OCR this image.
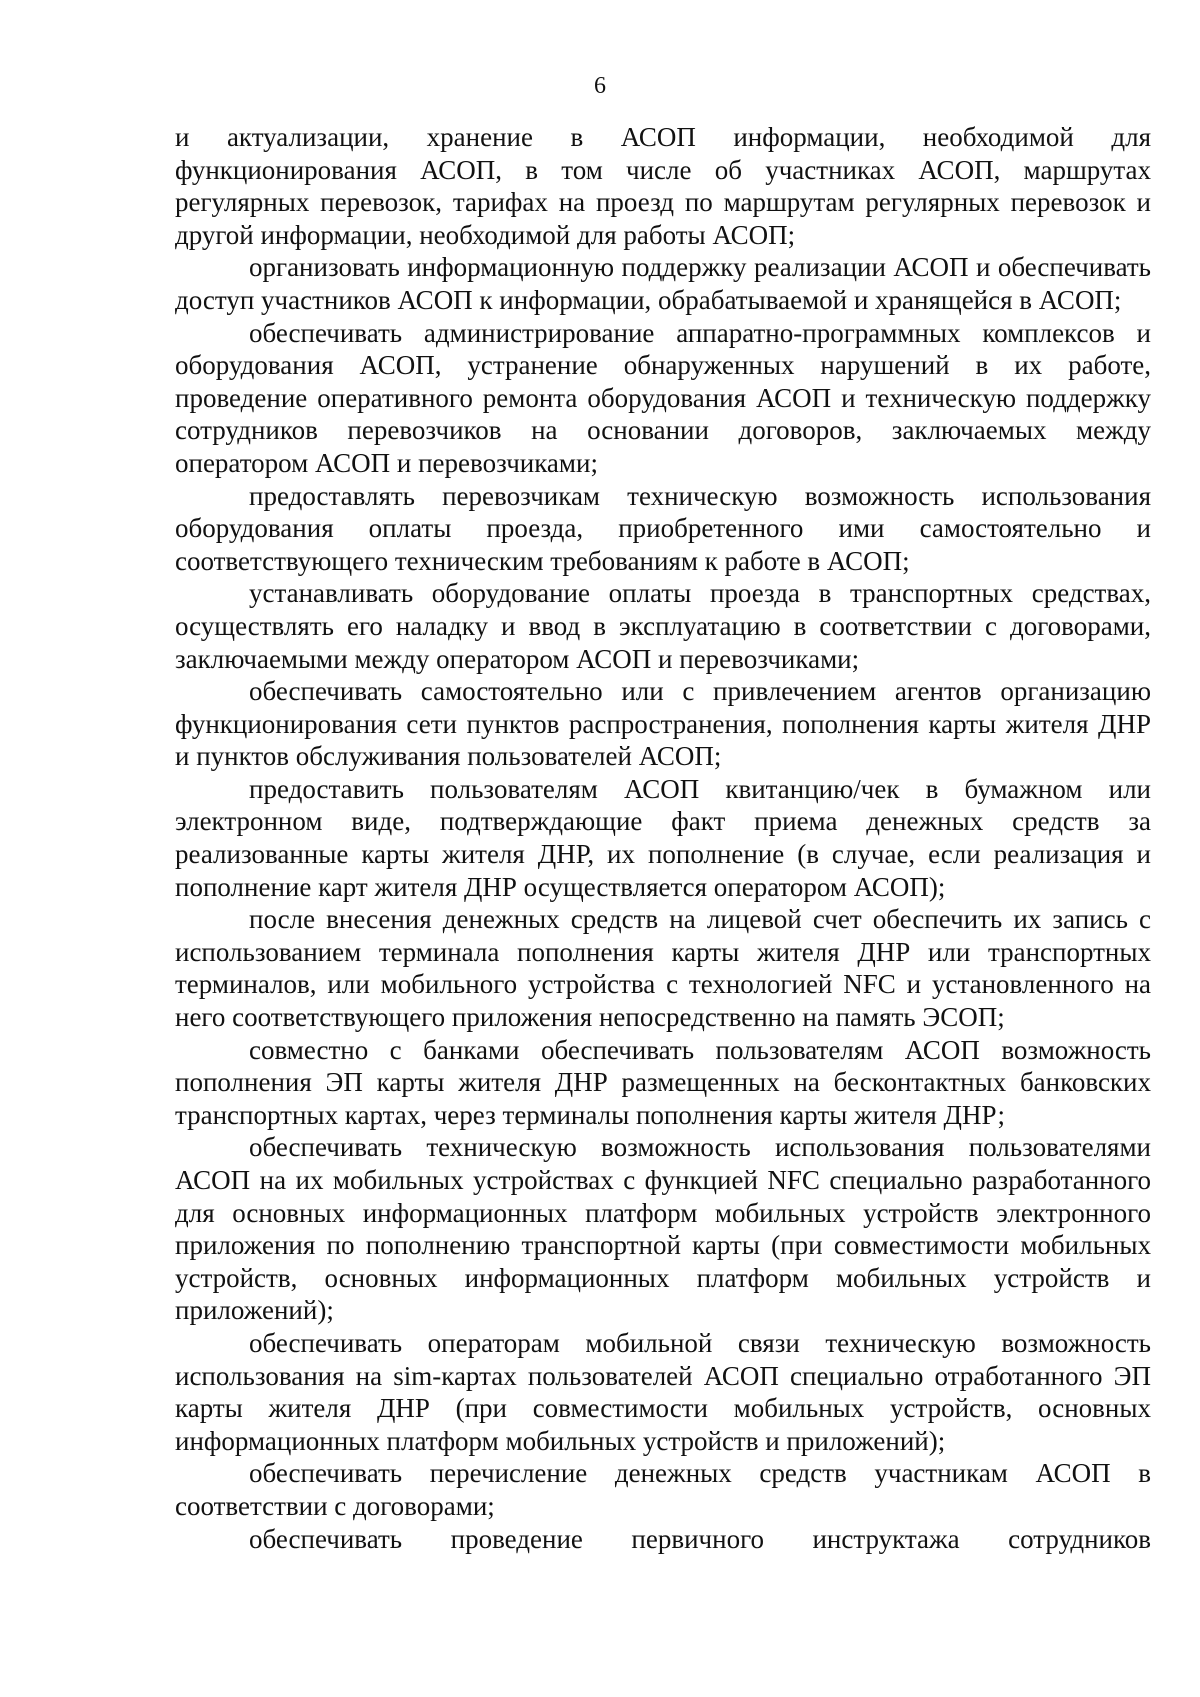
6

и актуализации, хранение в АСОП информации, необходимой для функционирования АСОП, в том числе об участниках АСОП, маршрутах регулярных перевозок, тарифах на проезд по маршрутам регулярных перевозок и другой информации, необходимой для работы АСОП;

организовать информационную поддержку реализации АСОП и обеспечивать доступ участников АСОП к информации, обрабатываемой и хранящейся в АСОП;

обеспечивать администрирование аппаратно-программных комплексов и оборудования АСОП, устранение обнаруженных нарушений в их работе, проведение оперативного ремонта оборудования АСОП и техническую поддержку сотрудников перевозчиков на основании договоров, заключаемых между оператором АСОП и перевозчиками;

предоставлять перевозчикам техническую возможность использования оборудования оплаты проезда, приобретенного ими самостоятельно и соответствующего техническим требованиям к работе в АСОП;

устанавливать оборудование оплаты проезда в транспортных средствах, осуществлять его наладку и ввод в эксплуатацию в соответствии с договорами, заключаемыми между оператором АСОП и перевозчиками;

обеспечивать самостоятельно или с привлечением агентов организацию функционирования сети пунктов распространения, пополнения карты жителя ДНР и пунктов обслуживания пользователей АСОП;

предоставить пользователям АСОП квитанцию/чек в бумажном или электронном виде, подтверждающие факт приема денежных средств за реализованные карты жителя ДНР, их пополнение (в случае, если реализация и пополнение карт жителя ДНР осуществляется оператором АСОП);

после внесения денежных средств на лицевой счет обеспечить их запись с использованием терминала пополнения карты жителя ДНР или транспортных терминалов, или мобильного устройства с технологией NFC и установленного на него соответствующего приложения непосредственно на память ЭСОП;

совместно с банками обеспечивать пользователям АСОП возможность пополнения ЭП карты жителя ДНР размещенных на бесконтактных банковских транспортных картах, через терминалы пополнения карты жителя ДНР;

обеспечивать техническую возможность использования пользователями АСОП на их мобильных устройствах с функцией NFC специально разработанного для основных информационных платформ мобильных устройств электронного приложения по пополнению транспортной карты (при совместимости мобильных устройств, основных информационных платформ мобильных устройств и приложений);

обеспечивать операторам мобильной связи техническую возможность использования на sim-картах пользователей АСОП специально отработанного ЭП карты жителя ДНР (при совместимости мобильных устройств, основных информационных платформ мобильных устройств и приложений);

обеспечивать перечисление денежных средств участникам АСОП в соответствии с договорами;

обеспечивать проведение первичного инструктажа сотрудников
